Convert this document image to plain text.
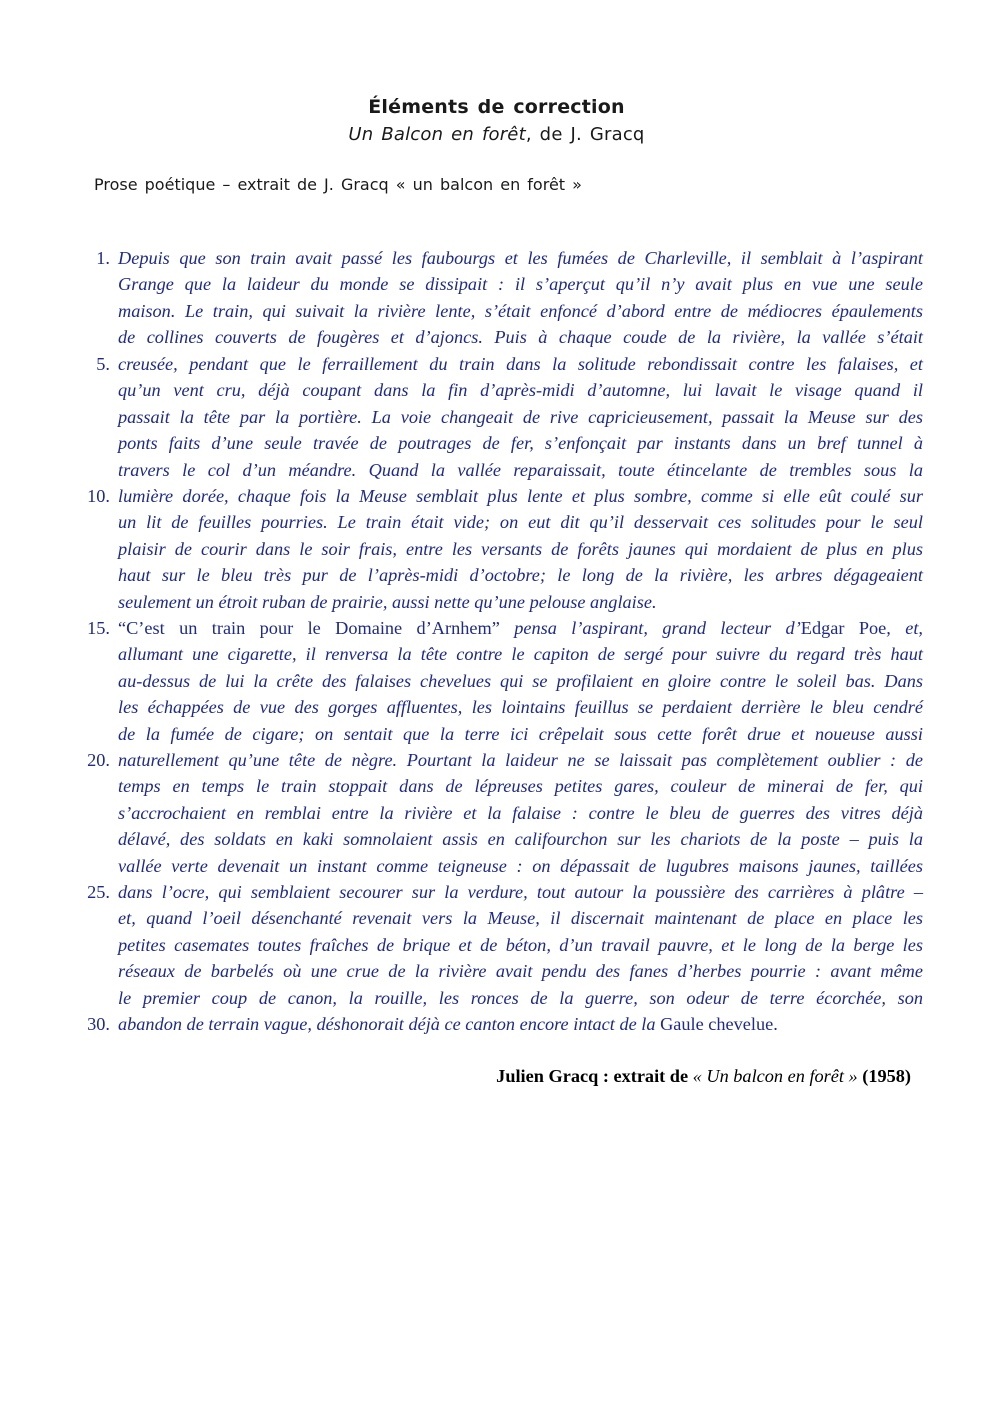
Éléments de correction
Un Balcon en forêt, de J. Gracq
Prose poétique – extrait de J. Gracq « un balcon en forêt »
1.
5.
10.
15.
20.
25.
30.
Depuis que son train avait passé les faubourgs et les fumées de Charleville, il semblait à l’aspirant
Grange que la laideur du monde se dissipait : il s’aperçut qu’il n’y avait plus en vue une seule
maison. Le train, qui suivait la rivière lente, s’était enfoncé d’abord entre de médiocres épaulements
de collines couverts de fougères et d’ajoncs. Puis à chaque coude de la rivière, la vallée s’était
creusée, pendant que le ferraillement du train dans la solitude rebondissait contre les falaises, et
qu’un vent cru, déjà coupant dans la fin d’après-midi d’automne, lui lavait le visage quand il
passait la tête par la portière. La voie changeait de rive capricieusement, passait la Meuse sur des
ponts faits d’une seule travée de poutrages de fer, s’enfonçait par instants dans un bref tunnel à
travers le col d’un méandre. Quand la vallée reparaissait, toute étincelante de trembles sous la
lumière dorée, chaque fois la Meuse semblait plus lente et plus sombre, comme si elle eût coulé sur
un lit de feuilles pourries. Le train était vide; on eut dit qu’il desservait ces solitudes pour le seul
plaisir de courir dans le soir frais, entre les versants de forêts jaunes qui mordaient de plus en plus
haut sur le bleu très pur de l’après-midi d’octobre; le long de la rivière, les arbres dégageaient
seulement un étroit ruban de prairie, aussi nette qu’une pelouse anglaise.
“C’est un train pour le Domaine d’Arnhem” pensa l’aspirant, grand lecteur d’Edgar Poe, et,
allumant une cigarette, il renversa la tête contre le capiton de sergé pour suivre du regard très haut
au-dessus de lui la crête des falaises chevelues qui se profilaient en gloire contre le soleil bas. Dans
les échappées de vue des gorges affluentes, les lointains feuillus se perdaient derrière le bleu cendré
de la fumée de cigare; on sentait que la terre ici crêpelait sous cette forêt drue et noueuse aussi
naturellement qu’une tête de nègre. Pourtant la laideur ne se laissait pas complètement oublier : de
temps en temps le train stoppait dans de lépreuses petites gares, couleur de minerai de fer, qui
s’accrochaient en remblai entre la rivière et la falaise : contre le bleu de guerres des vitres déjà
délavé, des soldats en kaki somnolaient assis en califourchon sur les chariots de la poste – puis la
vallée verte devenait un instant comme teigneuse : on dépassait de lugubres maisons jaunes, taillées
dans l’ocre, qui semblaient secourer sur la verdure, tout autour la poussière des carrières à plâtre –
et, quand l’oeil désenchanté revenait vers la Meuse, il discernait maintenant de place en place les
petites casemates toutes fraîches de brique et de béton, d’un travail pauvre, et le long de la berge les
réseaux de barbelés où une crue de la rivière avait pendu des fanes d’herbes pourrie : avant même
le premier coup de canon, la rouille, les ronces de la guerre, son odeur de terre écorchée, son
abandon de terrain vague, déshonorait déjà ce canton encore intact de la Gaule chevelue.
Julien Gracq : extrait de « Un balcon en forêt » (1958)
